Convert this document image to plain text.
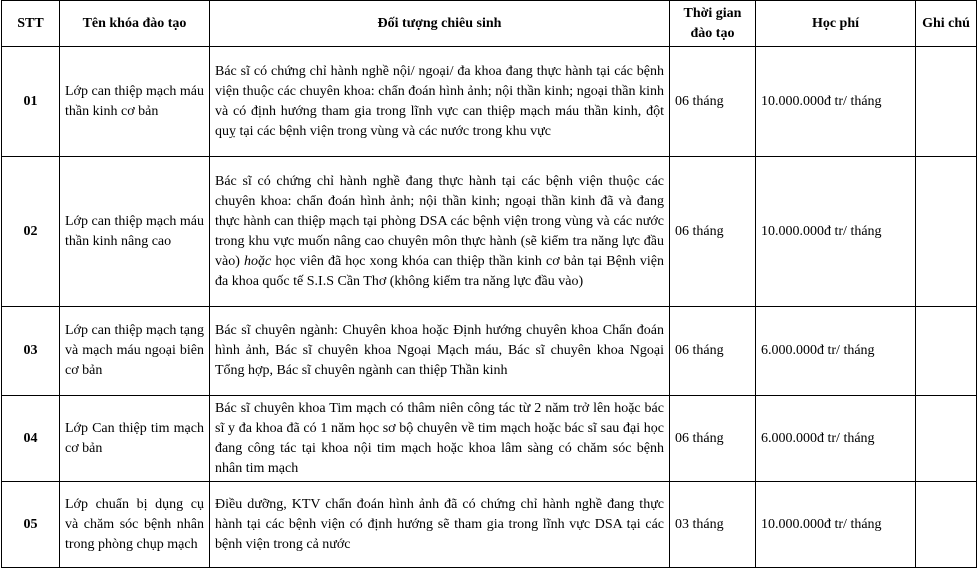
STT	Tên khóa đào tạo	Đối tượng chiêu sinh	Thời gian đào tạo	Học phí	Ghi chú
01	Lớp can thiệp mạch máu thần kinh cơ bản	Bác sĩ có chứng chỉ hành nghề nội/ ngoại/ đa khoa đang thực hành tại các bệnh viện thuộc các chuyên khoa: chẩn đoán hình ảnh; nội thần kinh; ngoại thần kinh và có định hướng tham gia trong lĩnh vực can thiệp mạch máu thần kinh, đột quỵ tại các bệnh viện trong vùng và các nước trong khu vực	06 tháng	10.000.000đ tr/ tháng	
02	Lớp can thiệp mạch máu thần kinh nâng cao	Bác sĩ có chứng chỉ hành nghề đang thực hành tại các bệnh viện thuộc các chuyên khoa: chẩn đoán hình ảnh; nội thần kinh; ngoại thần kinh đã và đang thực hành can thiệp mạch tại phòng DSA các bệnh viện trong vùng và các nước trong khu vực muốn nâng cao chuyên môn thực hành (sẽ kiểm tra năng lực đầu vào) hoặc học viên đã học xong khóa can thiệp thần kinh cơ bản tại Bệnh viện đa khoa quốc tế S.I.S Cần Thơ (không kiểm tra năng lực đầu vào)	06 tháng	10.000.000đ tr/ tháng	
03	Lớp can thiệp mạch tạng và mạch máu ngoại biên cơ bản	Bác sĩ chuyên ngành: Chuyên khoa hoặc Định hướng chuyên khoa Chẩn đoán hình ảnh, Bác sĩ chuyên khoa Ngoại Mạch máu, Bác sĩ chuyên khoa Ngoại Tổng hợp, Bác sĩ chuyên ngành can thiệp Thần kinh	06 tháng	6.000.000đ tr/ tháng	
04	Lớp Can thiệp tim mạch cơ bản	Bác sĩ chuyên khoa Tim mạch có thâm niên công tác từ 2 năm trở lên hoặc bác sĩ y đa khoa đã có 1 năm học sơ bộ chuyên về tim mạch hoặc bác sĩ sau đại học đang công tác tại khoa nội tim mạch hoặc khoa lâm sàng có chăm sóc bệnh nhân tim mạch	06 tháng	6.000.000đ tr/ tháng	
05	Lớp chuẩn bị dụng cụ và chăm sóc bệnh nhân trong phòng chụp mạch	Điều dưỡng, KTV chẩn đoán hình ảnh đã có chứng chỉ hành nghề đang thực hành tại các bệnh viện có định hướng sẽ tham gia trong lĩnh vực DSA tại các bệnh viện trong cả nước	03 tháng	10.000.000đ tr/ tháng	
